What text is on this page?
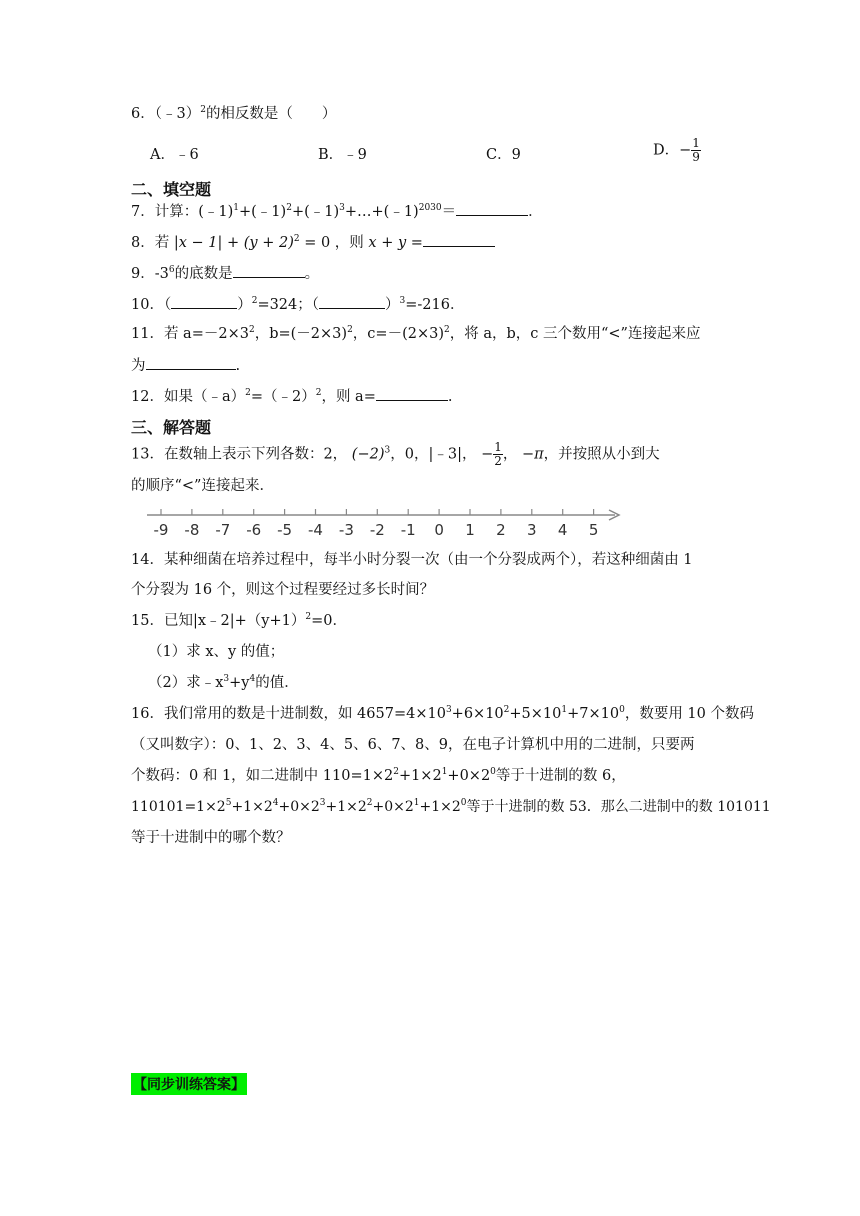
6．（﹣3）$^2$的相反数是（　　）
A．﹣6	B．﹣9	C．9	D．− $\frac{1}{9}$
二、填空题
7．计算：(﹣1)$^1$+(﹣1)$^2$+(﹣1)$^3$+…+(﹣1)$^{2030}$＝	．
8．若 $|x - 1| + (y + 2)^2 = 0$ ，则 x + y =
9．$-3^6$的底数是	。
10．（	）$^2$=324；（	）$^3$=-216．
11．若 $a=-2\times 3^2$，$b=(-2\times 3)^2$，$c=-(2\times 3)^2$，将 a，b，c 三个数用“<”连接起来应
为	.
12．如果（﹣a）$^2$=（﹣2）$^2$，则 a=	.
三、解答题
13．在数轴上表示下列各数：2， $(-2)^3$，0，|﹣3|， − $\frac{1}{2}$ ， −π，并按照从小到大
的顺序“<”连接起来．
-9 -8 -7 -6 -5 -4 -3 -2 -1 0 1 2 3 4 5
14．某种细菌在培养过程中，每半小时分裂一次（由一个分裂成两个），若这种细菌由 1
个分裂为 16 个，则这个过程要经过多长时间？
15．已知$|x﹣2|+(y+1)^2=0$．
（1）求 x、y 的值；
（2）求$﹣x^3+y^4$的值．
16．我们常用的数是十进制数，如 $4657=4\times 10^3+6\times 10^2+5\times 10^1+7\times 10^0$，数要用 10 个数码
（又叫数字）：0、1、2、3、4、5、6、7、8、9，在电子计算机中用的二进制，只要两
个数码：0 和 1，如二进制中 $110=1\times 2^2+1\times 2^1+0\times 2^0$等于十进制的数 6，
$110101=1\times 2^5+1\times 2^4+0\times 2^3+1\times 2^2+0\times 2^1+1\times 2^0$等于十进制的数 53．那么二进制中的数 101011
等于十进制中的哪个数？
【同步训练答案】
